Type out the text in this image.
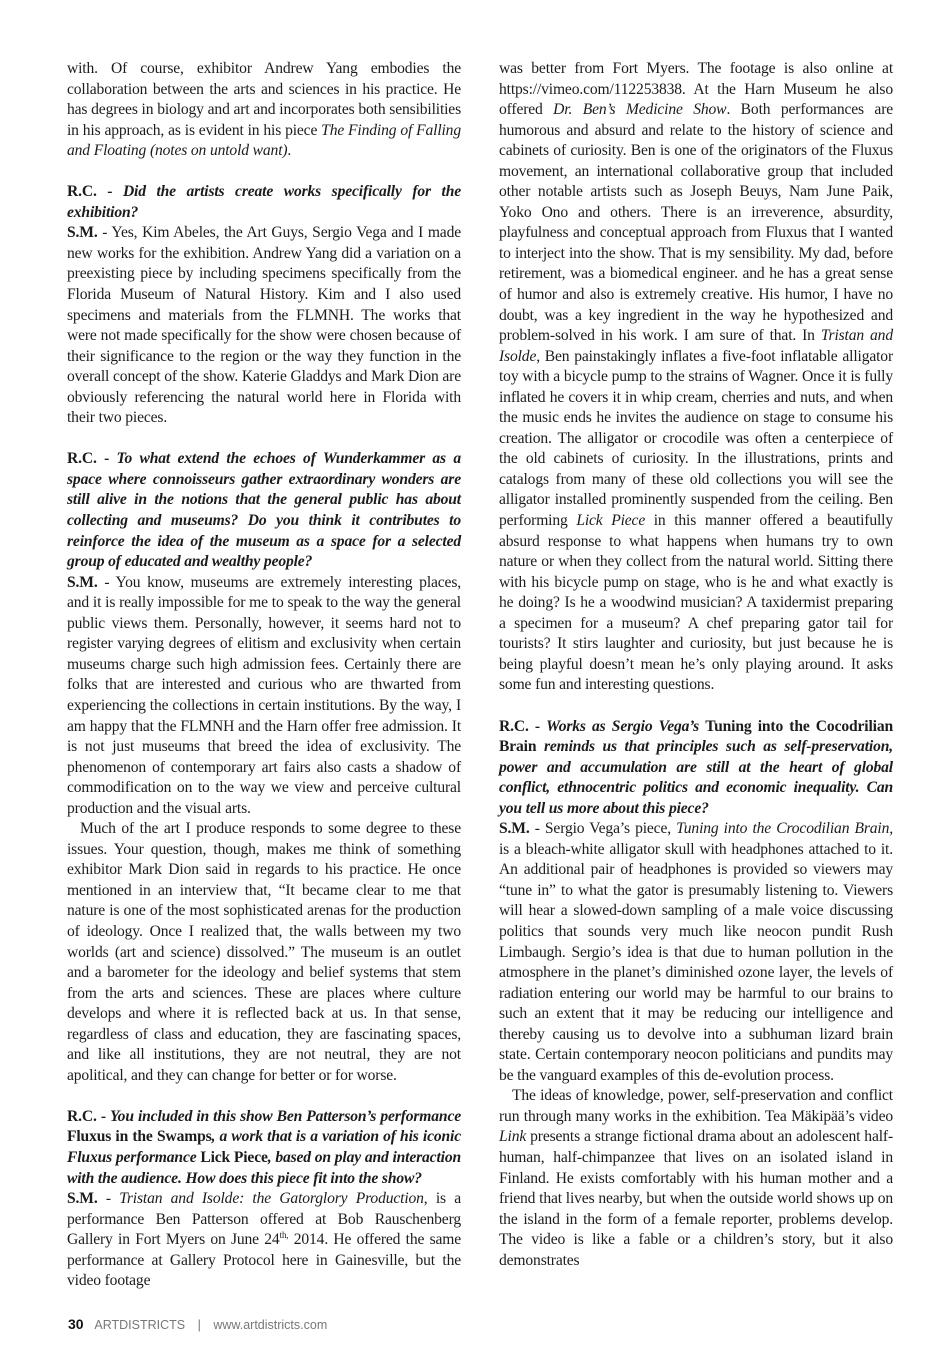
with. Of course, exhibitor Andrew Yang embodies the collaboration between the arts and sciences in his practice. He has degrees in biology and art and incorporates both sensibilities in his approach, as is evident in his piece The Finding of Falling and Floating (notes on untold want).

R.C. - Did the artists create works specifically for the exhibition?

S.M. - Yes, Kim Abeles, the Art Guys, Sergio Vega and I made new works for the exhibition. Andrew Yang did a variation on a preexisting piece by including specimens specifically from the Florida Museum of Natural History. Kim and I also used specimens and materials from the FLMNH. The works that were not made specifically for the show were chosen because of their significance to the region or the way they function in the overall concept of the show. Katerie Gladdys and Mark Dion are obviously referencing the natural world here in Florida with their two pieces.

R.C. - To what extend the echoes of Wunderkammer as a space where connoisseurs gather extraordinary wonders are still alive in the notions that the general public has about collecting and museums? Do you think it contributes to reinforce the idea of the museum as a space for a selected group of educated and wealthy people?

S.M. - You know, museums are extremely interesting places, and it is really impossible for me to speak to the way the general public views them. Personally, however, it seems hard not to register varying degrees of elitism and exclusivity when certain museums charge such high admission fees. Certainly there are folks that are interested and curious who are thwarted from experiencing the collections in certain institutions. By the way, I am happy that the FLMNH and the Harn offer free admission. It is not just museums that breed the idea of exclusivity. The phenomenon of contemporary art fairs also casts a shadow of commodification on to the way we view and perceive cultural production and the visual arts.

Much of the art I produce responds to some degree to these issues. Your question, though, makes me think of something exhibitor Mark Dion said in regards to his practice. He once mentioned in an interview that, “It became clear to me that nature is one of the most sophisticated arenas for the production of ideology. Once I realized that, the walls between my two worlds (art and science) dissolved.” The museum is an outlet and a barometer for the ideology and belief systems that stem from the arts and sciences. These are places where culture develops and where it is reflected back at us. In that sense, regardless of class and education, they are fascinating spaces, and like all institutions, they are not neutral, they are not apolitical, and they can change for better or for worse.

R.C. - You included in this show Ben Patterson’s performance Fluxus in the Swamps, a work that is a variation of his iconic Fluxus performance Lick Piece, based on play and interaction with the audience. How does this piece fit into the show?

S.M. - Tristan and Isolde: the Gatorglory Production, is a performance Ben Patterson offered at Bob Rauschenberg Gallery in Fort Myers on June $24^{th,}$ 2014. He offered the same performance at Gallery Protocol here in Gainesville, but the video footage

was better from Fort Myers. The footage is also online at https://vimeo.com/112253838. At the Harn Museum he also offered Dr. Ben’s Medicine Show. Both performances are humorous and absurd and relate to the history of science and cabinets of curiosity. Ben is one of the originators of the Fluxus movement, an international collaborative group that included other notable artists such as Joseph Beuys, Nam June Paik, Yoko Ono and others. There is an irreverence, absurdity, playfulness and conceptual approach from Fluxus that I wanted to interject into the show. That is my sensibility. My dad, before retirement, was a biomedical engineer. and he has a great sense of humor and also is extremely creative. His humor, I have no doubt, was a key ingredient in the way he hypothesized and problem-solved in his work. I am sure of that. In Tristan and Isolde, Ben painstakingly inflates a five-foot inflatable alligator toy with a bicycle pump to the strains of Wagner. Once it is fully inflated he covers it in whip cream, cherries and nuts, and when the music ends he invites the audience on stage to consume his creation. The alligator or crocodile was often a centerpiece of the old cabinets of curiosity. In the illustrations, prints and catalogs from many of these old collections you will see the alligator installed prominently suspended from the ceiling. Ben performing Lick Piece in this manner offered a beautifully absurd response to what happens when humans try to own nature or when they collect from the natural world. Sitting there with his bicycle pump on stage, who is he and what exactly is he doing? Is he a woodwind musician? A taxidermist preparing a specimen for a museum? A chef preparing gator tail for tourists? It stirs laughter and curiosity, but just because he is being playful doesn’t mean he’s only playing around. It asks some fun and interesting questions.

R.C. - Works as Sergio Vega’s Tuning into the Cocodrilian Brain reminds us that principles such as self-preservation, power and accumulation are still at the heart of global conflict, ethnocentric politics and economic inequality. Can you tell us more about this piece?

S.M. - Sergio Vega’s piece, Tuning into the Crocodilian Brain, is a bleach-white alligator skull with headphones attached to it. An additional pair of headphones is provided so viewers may “tune in” to what the gator is presumably listening to. Viewers will hear a slowed-down sampling of a male voice discussing politics that sounds very much like neocon pundit Rush Limbaugh. Sergio’s idea is that due to human pollution in the atmosphere in the planet’s diminished ozone layer, the levels of radiation entering our world may be harmful to our brains to such an extent that it may be reducing our intelligence and thereby causing us to devolve into a subhuman lizard brain state. Certain contemporary neocon politicians and pundits may be the vanguard examples of this de-evolution process.

The ideas of knowledge, power, self-preservation and conflict run through many works in the exhibition. Tea Mäkipää’s video Link presents a strange fictional drama about an adolescent half-human, half-chimpanzee that lives on an isolated island in Finland. He exists comfortably with his human mother and a friend that lives nearby, but when the outside world shows up on the island in the form of a female reporter, problems develop. The video is like a fable or a children’s story, but it also demonstrates

30 ARTDISTRICTS | www.artdistricts.com
